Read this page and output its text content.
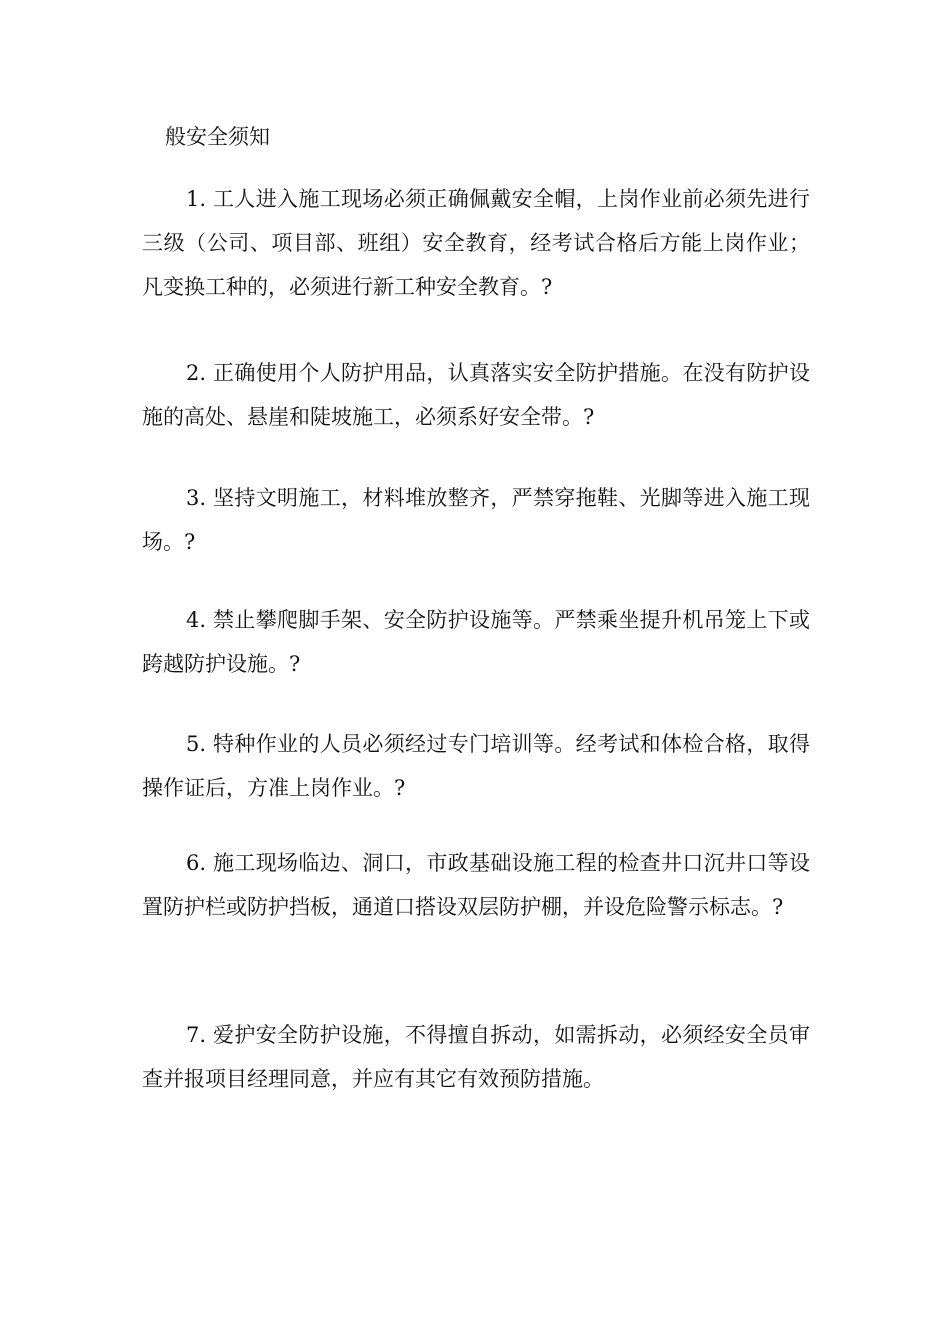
般安全须知

1. 工人进入施工现场必须正确佩戴安全帽，上岗作业前必须先进行三级（公司、项目部、班组）安全教育，经考试合格后方能上岗作业；凡变换工种的，必须进行新工种安全教育。?

2. 正确使用个人防护用品，认真落实安全防护措施。在没有防护设施的高处、悬崖和陡坡施工，必须系好安全带。?

3. 坚持文明施工，材料堆放整齐，严禁穿拖鞋、光脚等进入施工现场。?

4. 禁止攀爬脚手架、安全防护设施等。严禁乘坐提升机吊笼上下或跨越防护设施。?

5. 特种作业的人员必须经过专门培训等。经考试和体检合格，取得操作证后，方准上岗作业。?

6. 施工现场临边、洞口，市政基础设施工程的检查井口沉井口等设置防护栏或防护挡板，通道口搭设双层防护棚，并设危险警示标志。?

7. 爱护安全防护设施，不得擅自拆动，如需拆动，必须经安全员审查并报项目经理同意，并应有其它有效预防措施。
